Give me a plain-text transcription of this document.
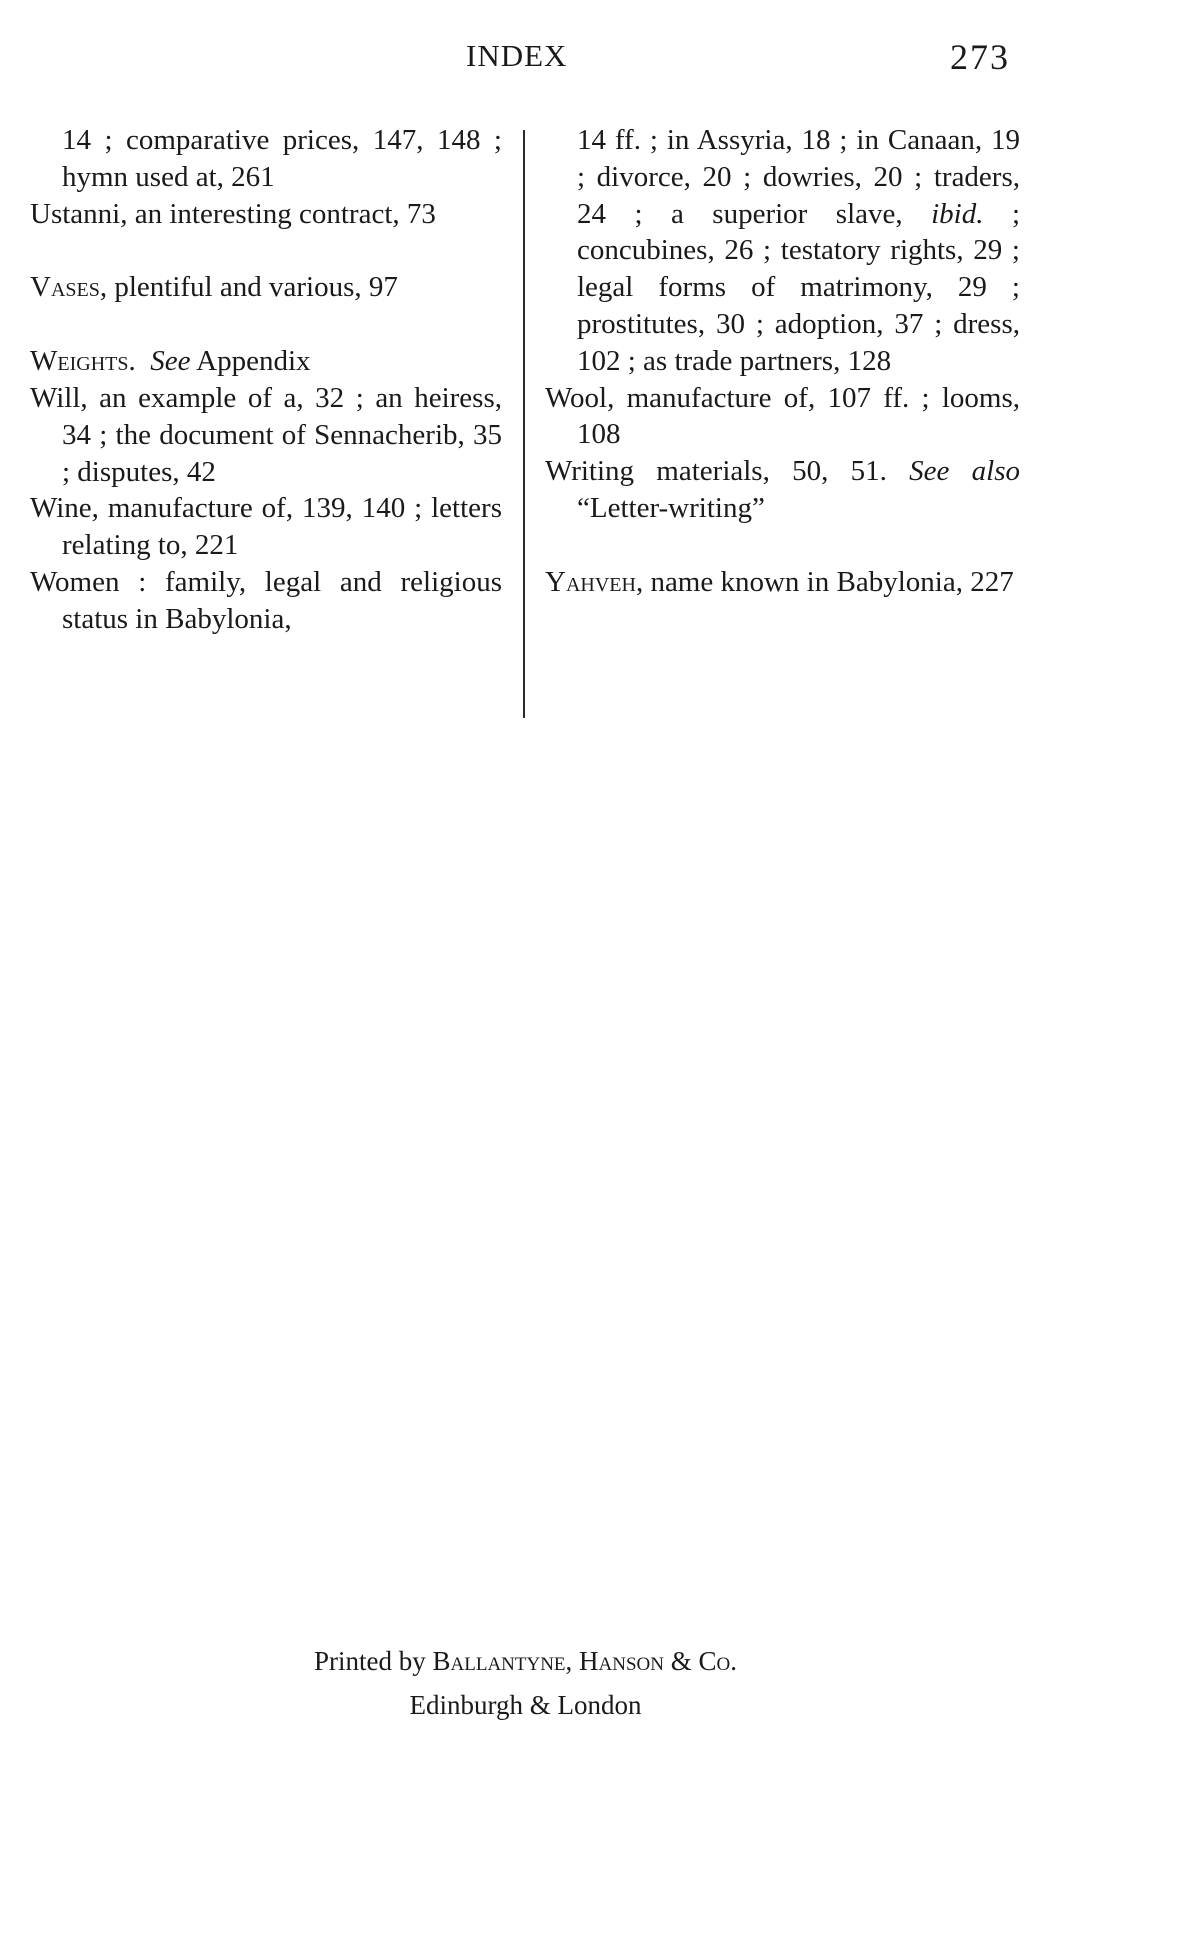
INDEX	273

14 ; comparative prices, 147, 148 ; hymn used at, 261

Ustanni, an interesting contract, 73

Vases, plentiful and various, 97

Weights. See Appendix

Will, an example of a, 32 ; an heiress, 34 ; the document of Sennacherib, 35 ; disputes, 42

Wine, manufacture of, 139, 140 ; letters relating to, 221

Women : family, legal and religious status in Babylonia,

14 ff. ; in Assyria, 18 ; in Canaan, 19 ; divorce, 20 ; dowries, 20 ; traders, 24 ; a superior slave, ibid. ; concubines, 26 ; testatory rights, 29 ; legal forms of matrimony, 29 ; prostitutes, 30 ; adoption, 37 ; dress, 102 ; as trade partners, 128

Wool, manufacture of, 107 ff. ; looms, 108

Writing materials, 50, 51. See also “Letter-writing”

Yahveh, name known in Babylonia, 227

Printed by Ballantyne, Hanson & Co.
Edinburgh & London
